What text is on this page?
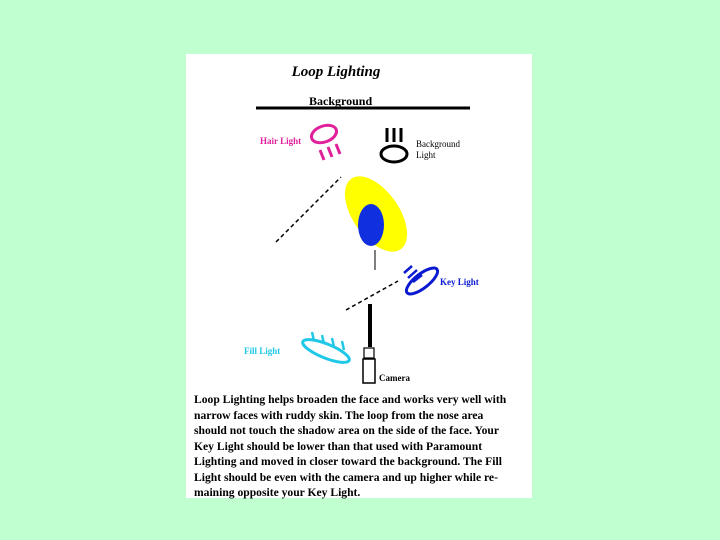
Loop Lighting
Background
Hair Light	Background Light
Key Light
Fill Light
Camera

Loop Lighting helps broaden the face and works very well with
narrow faces with ruddy skin. The loop from the nose area
should not touch the shadow area on the side of the face. Your
Key Light should be lower than that used with Paramount
Lighting and moved in closer toward the background. The Fill
Light should be even with the camera and up higher while re-
maining opposite your Key Light.
